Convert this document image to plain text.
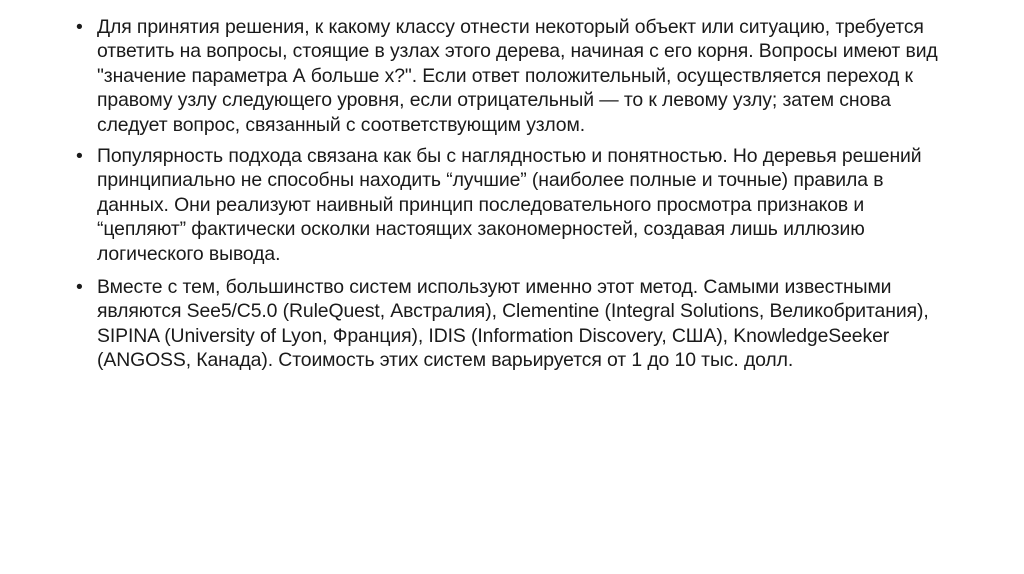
• Для принятия решения, к какому классу отнести некоторый объект или ситуацию, требуется ответить на вопросы, стоящие в узлах этого дерева, начиная с его корня. Вопросы имеют вид "значение параметра А больше x?". Если ответ положительный, осуществляется переход к правому узлу следующего уровня, если отрицательный — то к левому узлу; затем снова следует вопрос, связанный с соответствующим узлом.
• Популярность подхода связана как бы с наглядностью и понятностью. Но деревья решений принципиально не способны находить “лучшие” (наиболее полные и точные) правила в данных. Они реализуют наивный принцип последовательного просмотра признаков и “цепляют” фактически осколки настоящих закономерностей, создавая лишь иллюзию логического вывода.
• Вместе с тем, большинство систем используют именно этот метод. Самыми известными являются See5/C5.0 (RuleQuest, Австралия), Clementine (Integral Solutions, Великобритания), SIPINA (University of Lyon, Франция), IDIS (Information Discovery, США), KnowledgeSeeker (ANGOSS, Канада). Стоимость этих систем варьируется от 1 до 10 тыс. долл.
